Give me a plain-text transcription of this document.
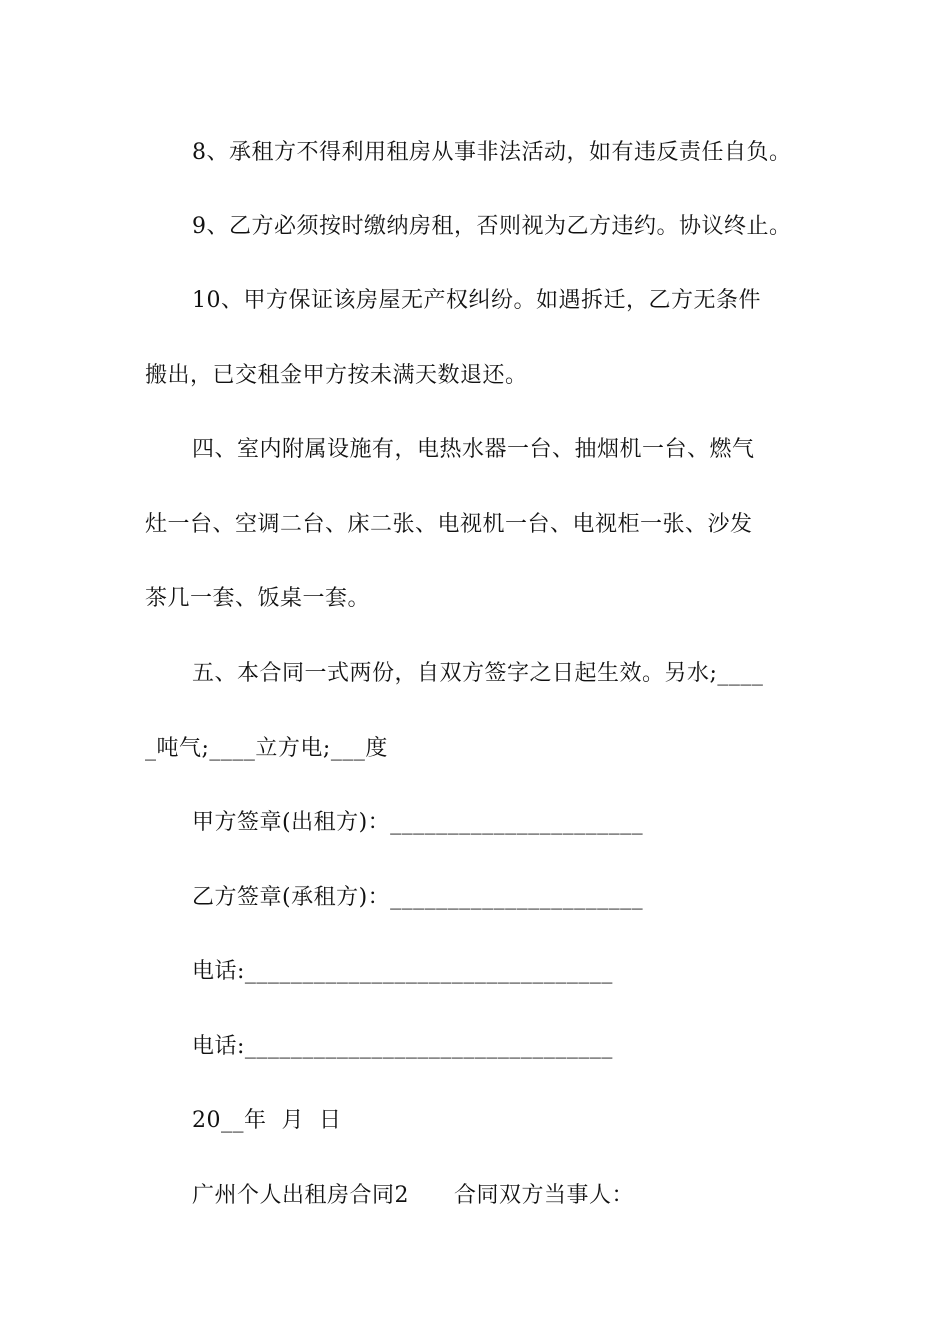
8、承租方不得利用租房从事非法活动，如有违反责任自负。
9、乙方必须按时缴纳房租，否则视为乙方违约。协议终止。
10、甲方保证该房屋无产权纠纷。如遇拆迁，乙方无条件
搬出，已交租金甲方按未满天数退还。
四、室内附属设施有，电热水器一台、抽烟机一台、燃气
灶一台、空调二台、床二张、电视机一台、电视柜一张、沙发
茶几一套、饭桌一套。
五、本合同一式两份，自双方签字之日起生效。另水;____
_吨气;____立方电;___度
甲方签章(出租方)：______________________
乙方签章(承租方)：______________________
电话:________________________________
电话:________________________________
20__年  月  日
广州个人出租房合同2      合同双方当事人：
